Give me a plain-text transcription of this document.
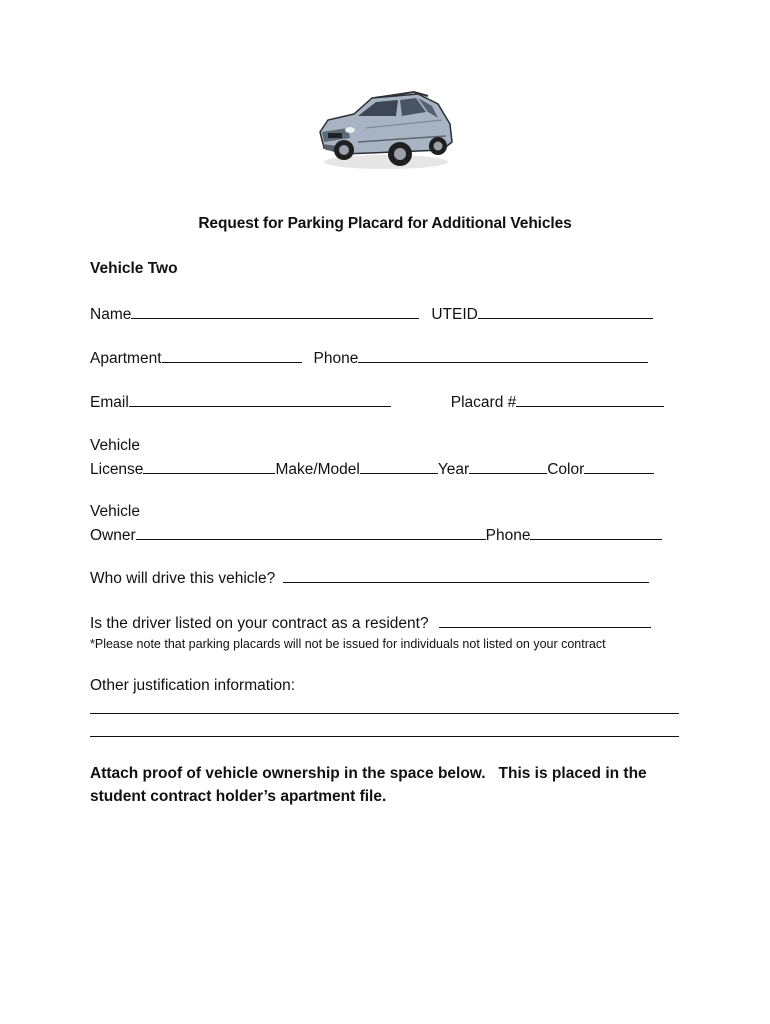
Request for Parking Placard for Additional Vehicles
Vehicle Two
Name	UTEID
Apartment	Phone
Email	Placard #
Vehicle
License	Make/Model	Year	Color
Vehicle
Owner	Phone
Who will drive this vehicle?
Is the driver listed on your contract as a resident?
*Please note that parking placards will not be issued for individuals not listed on your contract
Other justification information:
Attach proof of vehicle ownership in the space below.   This is placed in the
student contract holder’s apartment file.
